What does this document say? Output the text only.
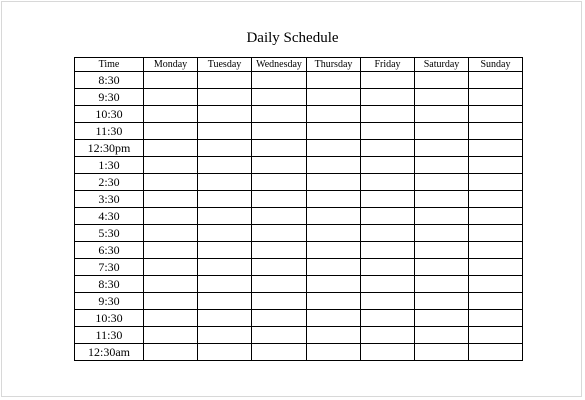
Daily Schedule
Time	Monday	Tuesday	Wednesday	Thursday	Friday	Saturday	Sunday
8:30							
9:30							
10:30							
11:30							
12:30pm							
1:30							
2:30							
3:30							
4:30							
5:30							
6:30							
7:30							
8:30							
9:30							
10:30							
11:30							
12:30am							
